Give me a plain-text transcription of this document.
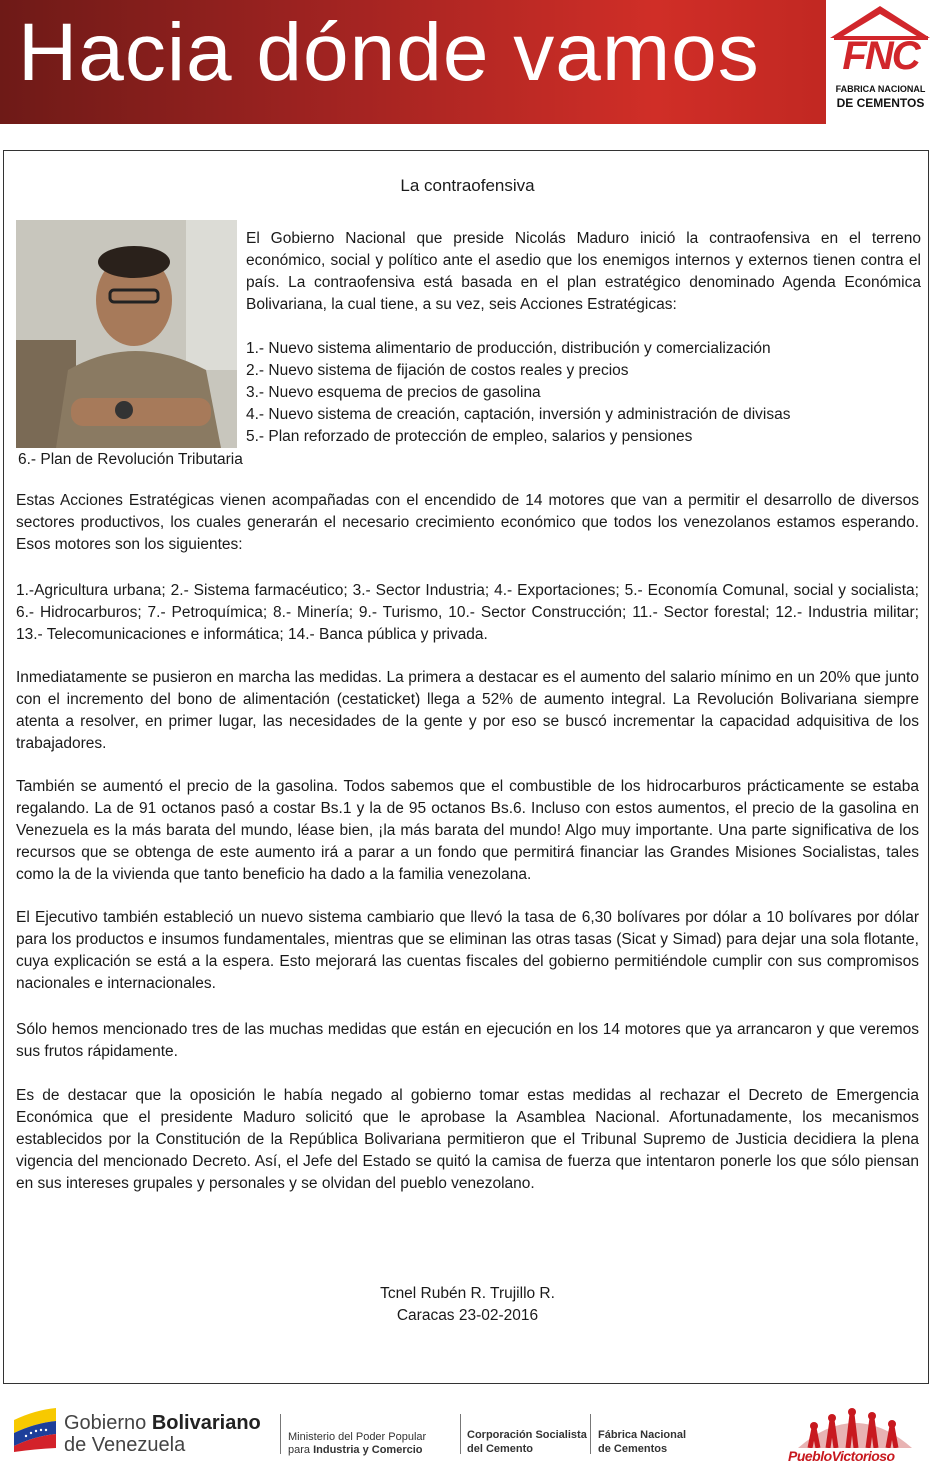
Hacia dónde vamos	FNC
FABRICA NACIONAL
DE CEMENTOS
La contraofensiva
El Gobierno Nacional que preside Nicolás Maduro inició la contraofensiva en el terreno económico, social y político ante el asedio que los enemigos internos y externos tienen contra el país. La contraofensiva está basada en el plan estratégico denominado Agenda Económica Bolivariana, la cual tiene, a su vez, seis Acciones Estratégicas:
1.- Nuevo sistema alimentario de producción, distribución y comercialización
2.- Nuevo sistema de fijación de costos reales y precios
3.- Nuevo esquema de precios de gasolina
4.- Nuevo sistema de creación, captación, inversión y administración de divisas
5.- Plan reforzado de protección de empleo, salarios y pensiones
6.- Plan de Revolución Tributaria
Estas Acciones Estratégicas vienen acompañadas con el encendido de 14 motores que van a permitir el desarrollo de diversos sectores productivos, los cuales generarán el necesario crecimiento económico que todos los venezolanos estamos esperando. Esos motores son los siguientes:
1.-Agricultura urbana; 2.- Sistema farmacéutico; 3.- Sector Industria; 4.- Exportaciones; 5.- Economía Comunal, social y socialista; 6.- Hidrocarburos; 7.- Petroquímica; 8.- Minería; 9.- Turismo, 10.- Sector Construcción; 11.- Sector forestal; 12.- Industria militar; 13.- Telecomunicaciones e informática; 14.- Banca pública y privada.
Inmediatamente se pusieron en marcha las medidas. La primera a destacar es el aumento del salario mínimo en un 20% que junto con el incremento del bono de alimentación (cestaticket) llega a 52% de aumento integral. La Revolución Bolivariana siempre atenta a resolver, en primer lugar, las necesidades de la gente y por eso se buscó incrementar la capacidad adquisitiva de los trabajadores.
También se aumentó el precio de la gasolina. Todos sabemos que el combustible de los hidrocarburos prácticamente se estaba regalando. La de 91 octanos pasó a costar Bs.1 y la de 95 octanos Bs.6. Incluso con estos aumentos, el precio de la gasolina en Venezuela es la más barata del mundo, léase bien, ¡la más barata del mundo! Algo muy importante. Una parte significativa de los recursos que se obtenga de este aumento irá a parar a un fondo que permitirá financiar las Grandes Misiones Socialistas, tales como la de la vivienda que tanto beneficio ha dado a la familia venezolana.
El Ejecutivo también estableció un nuevo sistema cambiario que llevó la tasa de 6,30 bolívares por dólar a 10 bolívares por dólar para los productos e insumos fundamentales, mientras que se eliminan las otras tasas (Sicat y Simad) para dejar una sola flotante, cuya explicación se está a la espera. Esto mejorará las cuentas fiscales del gobierno permitiéndole cumplir con sus compromisos nacionales e internacionales.
Sólo hemos mencionado tres de las muchas medidas que están en ejecución en los 14 motores que ya arrancaron y que veremos sus frutos rápidamente.
Es de destacar que la oposición le había negado al gobierno tomar estas medidas al rechazar el Decreto de Emergencia Económica que el presidente Maduro solicitó que le aprobase la Asamblea Nacional. Afortunadamente, los mecanismos establecidos por la Constitución de la República Bolivariana permitieron que el Tribunal Supremo de Justicia decidiera la plena vigencia del mencionado Decreto. Así, el Jefe del Estado se quitó la camisa de fuerza que intentaron ponerle los que sólo piensan en sus intereses grupales y personales y se olvidan del pueblo venezolano.
Tcnel Rubén R. Trujillo R.
Caracas 23-02-2016
Gobierno Bolivariano
de Venezuela	Ministerio del Poder Popular
para Industria y Comercio
Corporación Socialista
del Cemento
Fábrica Nacional
de Cementos	PuebloVictorioso
